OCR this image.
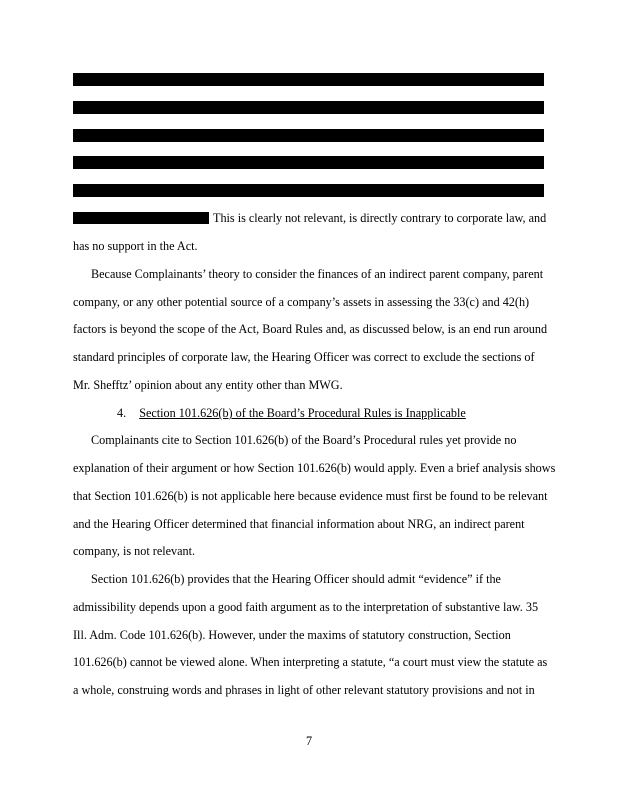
This is clearly not relevant, is directly contrary to corporate law, and
has no support in the Act.
Because Complainants’ theory to consider the finances of an indirect parent company, parent
company, or any other potential source of a company’s assets in assessing the 33(c) and 42(h)
factors is beyond the scope of the Act, Board Rules and, as discussed below, is an end run around
standard principles of corporate law, the Hearing Officer was correct to exclude the sections of
Mr. Shefftz’ opinion about any entity other than MWG.
4. Section 101.626(b) of the Board’s Procedural Rules is Inapplicable
Complainants cite to Section 101.626(b) of the Board’s Procedural rules yet provide no
explanation of their argument or how Section 101.626(b) would apply. Even a brief analysis shows
that Section 101.626(b) is not applicable here because evidence must first be found to be relevant
and the Hearing Officer determined that financial information about NRG, an indirect parent
company, is not relevant.
Section 101.626(b) provides that the Hearing Officer should admit “evidence” if the
admissibility depends upon a good faith argument as to the interpretation of substantive law. 35
Ill. Adm. Code 101.626(b). However, under the maxims of statutory construction, Section
101.626(b) cannot be viewed alone. When interpreting a statute, “a court must view the statute as
a whole, construing words and phrases in light of other relevant statutory provisions and not in
7
